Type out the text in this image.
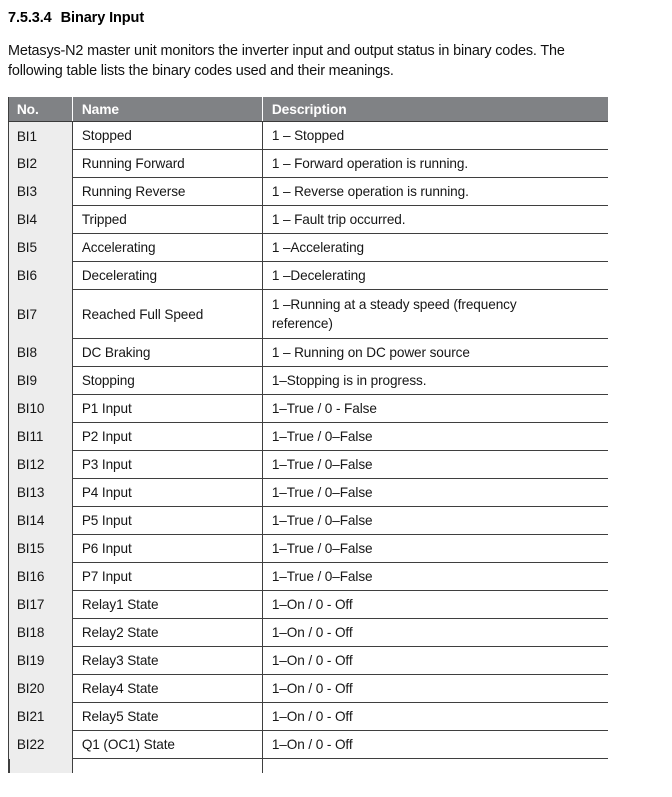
7.5.3.4 Binary Input

Metasys-N2 master unit monitors the inverter input and output status in binary codes. The following table lists the binary codes used and their meanings.

No.	Name	Description
BI1	Stopped	1 – Stopped
BI2	Running Forward	1 – Forward operation is running.
BI3	Running Reverse	1 – Reverse operation is running.
BI4	Tripped	1 – Fault trip occurred.
BI5	Accelerating	1 –Accelerating
BI6	Decelerating	1 –Decelerating
BI7	Reached Full Speed	1 –Running at a steady speed (frequency
reference)

BI8	DC Braking	1 – Running on DC power source
BI9	Stopping	1–Stopping is in progress.
BI10	P1 Input	1–True / 0 - False
BI11	P2 Input	1–True / 0–False
BI12	P3 Input	1–True / 0–False
BI13	P4 Input	1–True / 0–False
BI14	P5 Input	1–True / 0–False
BI15	P6 Input	1–True / 0–False
BI16	P7 Input	1–True / 0–False
BI17	Relay1 State	1–On / 0 - Off
BI18	Relay2 State	1–On / 0 - Off
BI19	Relay3 State	1–On / 0 - Off
BI20	Relay4 State	1–On / 0 - Off
BI21	Relay5 State	1–On / 0 - Off
BI22	Q1 (OC1) State	1–On / 0 - Off
